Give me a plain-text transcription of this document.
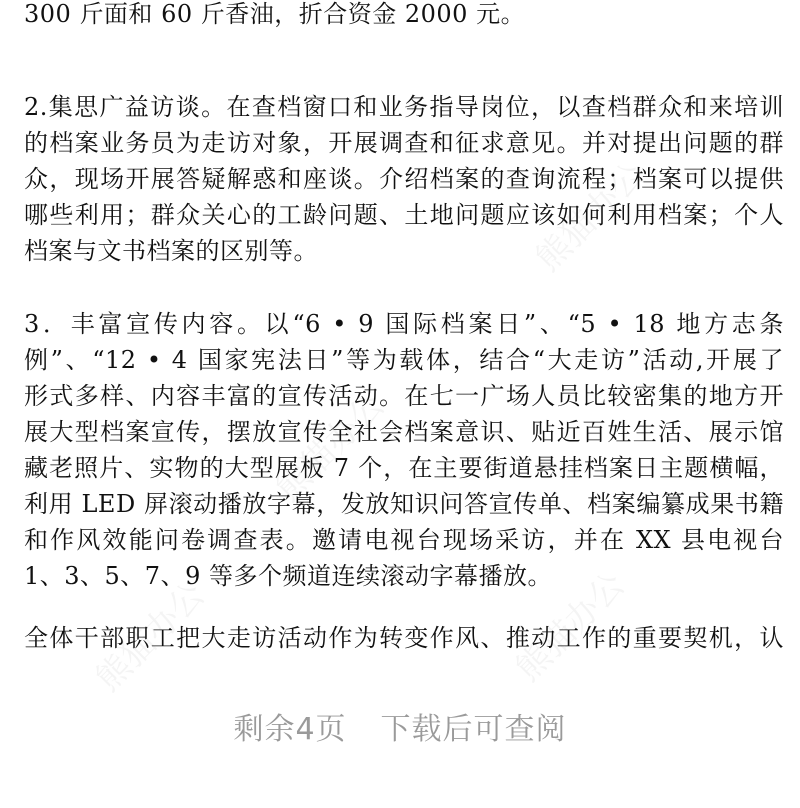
300 斤面和 60 斤香油，折合资金 2000 元。

2.集思广益访谈。在查档窗口和业务指导岗位，以查档群众和来培训
的档案业务员为走访对象，开展调查和征求意见。并对提出问题的群
众，现场开展答疑解惑和座谈。介绍档案的查询流程；档案可以提供
哪些利用；群众关心的工龄问题、土地问题应该如何利用档案；个人
档案与文书档案的区别等。

3．丰富宣传内容。以“6 • 9 国际档案日”、“5 • 18 地方志条
例”、“12 • 4 国家宪法日”等为载体，结合“大走访”活动,开展了
形式多样、内容丰富的宣传活动。在七一广场人员比较密集的地方开
展大型档案宣传，摆放宣传全社会档案意识、贴近百姓生活、展示馆
藏老照片、实物的大型展板 7 个，在主要街道悬挂档案日主题横幅，
利用 LED 屏滚动播放字幕，发放知识问答宣传单、档案编纂成果书籍
和作风效能问卷调查表。邀请电视台现场采访，并在 XX 县电视台
1、3、5、7、9 等多个频道连续滚动字幕播放。

全体干部职工把大走访活动作为转变作风、推动工作的重要契机，认

剩余4页 下载后可查阅
